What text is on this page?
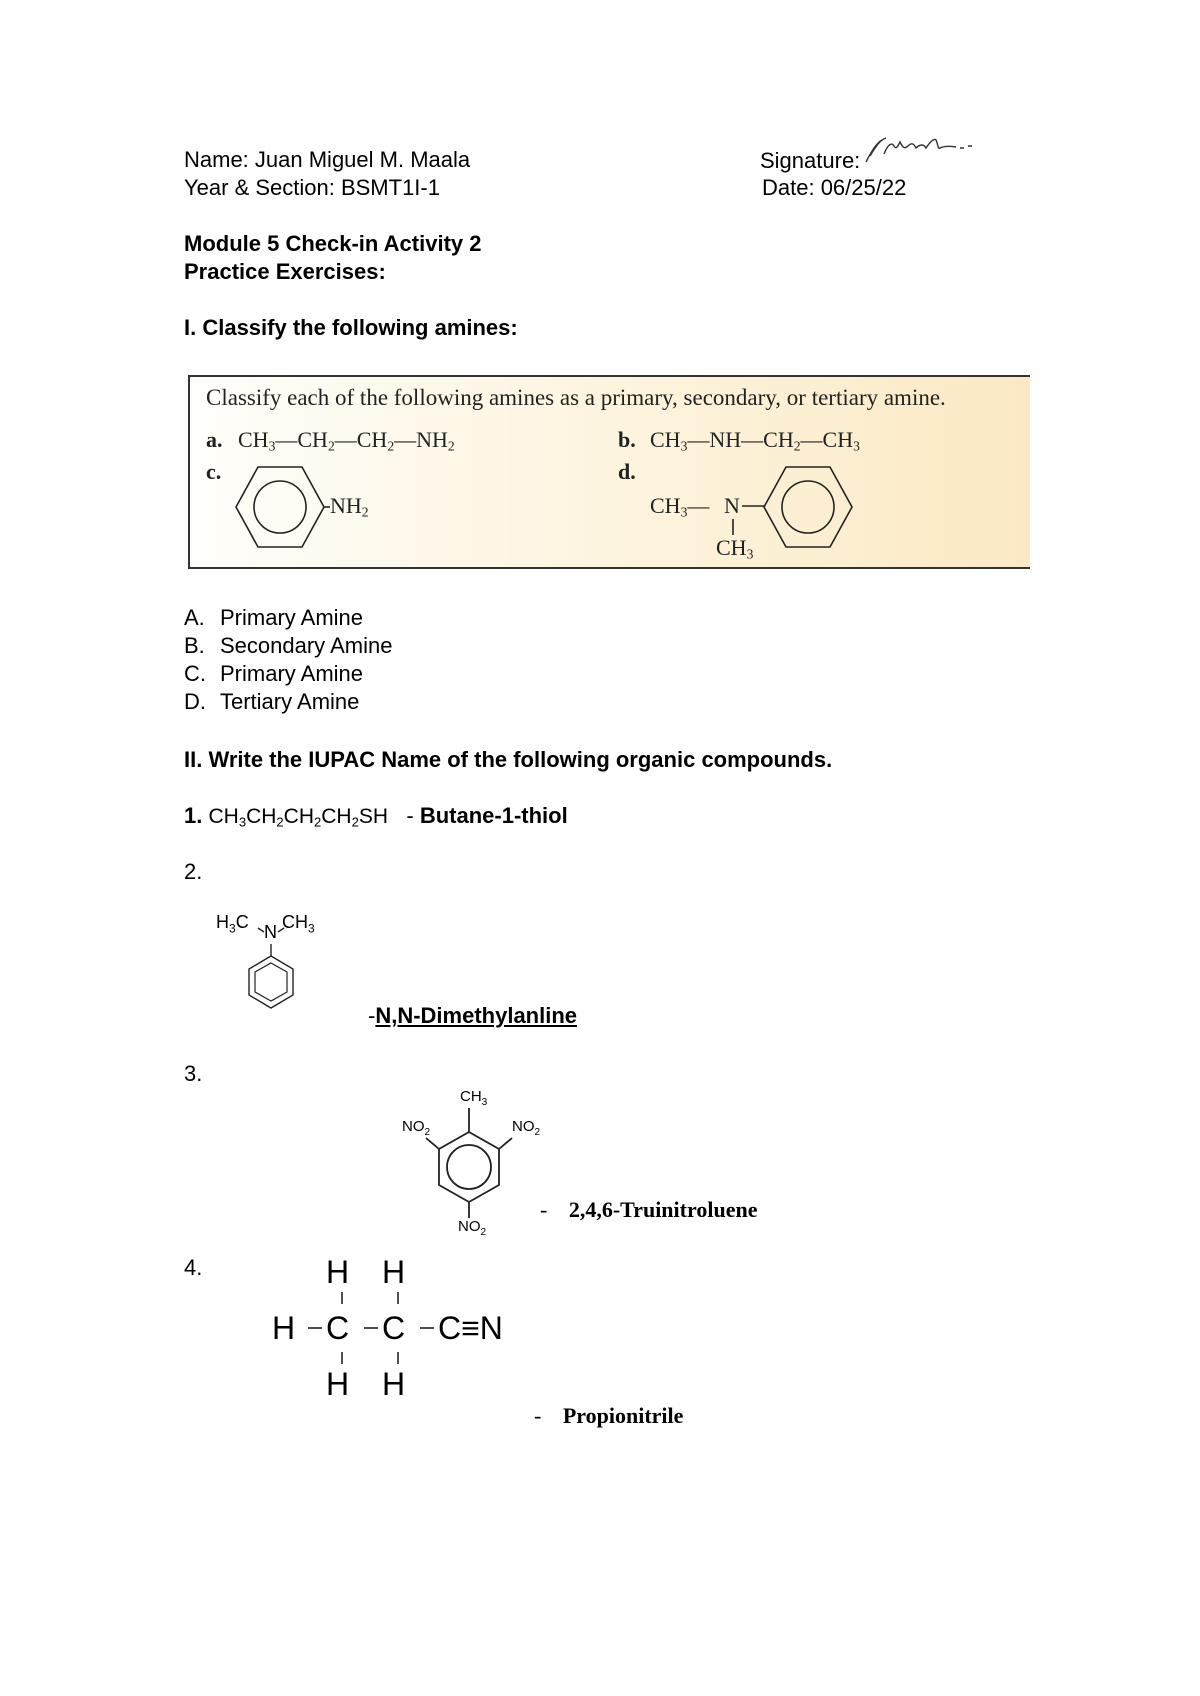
Name: Juan Miguel M. Maala	Signature:
Year & Section: BSMT1I-1	Date: 06/25/22
Module 5 Check-in Activity 2
Practice Exercises:
I. Classify the following amines:
Classify each of the following amines as a primary, secondary, or tertiary amine.
a. $CH_3—CH_2—CH_2—NH_2$	b. $CH_3—NH—CH_2—CH_3$
c.
$NH_2$
d.
$CH_3—$ N
$CH_3$
A. Primary Amine
B. Secondary Amine
C. Primary Amine
D. Tertiary Amine
II. Write the IUPAC Name of the following organic compounds.
1. $CH_3CH_2CH_2CH_2SH$ - Butane-1-thiol
2.
$H_3C$ N $CH_3$
-N,N-Dimethylanline
3.
$CH_3$
$NO_2$	$NO_2$
$NO_2$
- 2,4,6-Truinitroluene
4.	H H
H C C C≡N
H H
- Propionitrile
